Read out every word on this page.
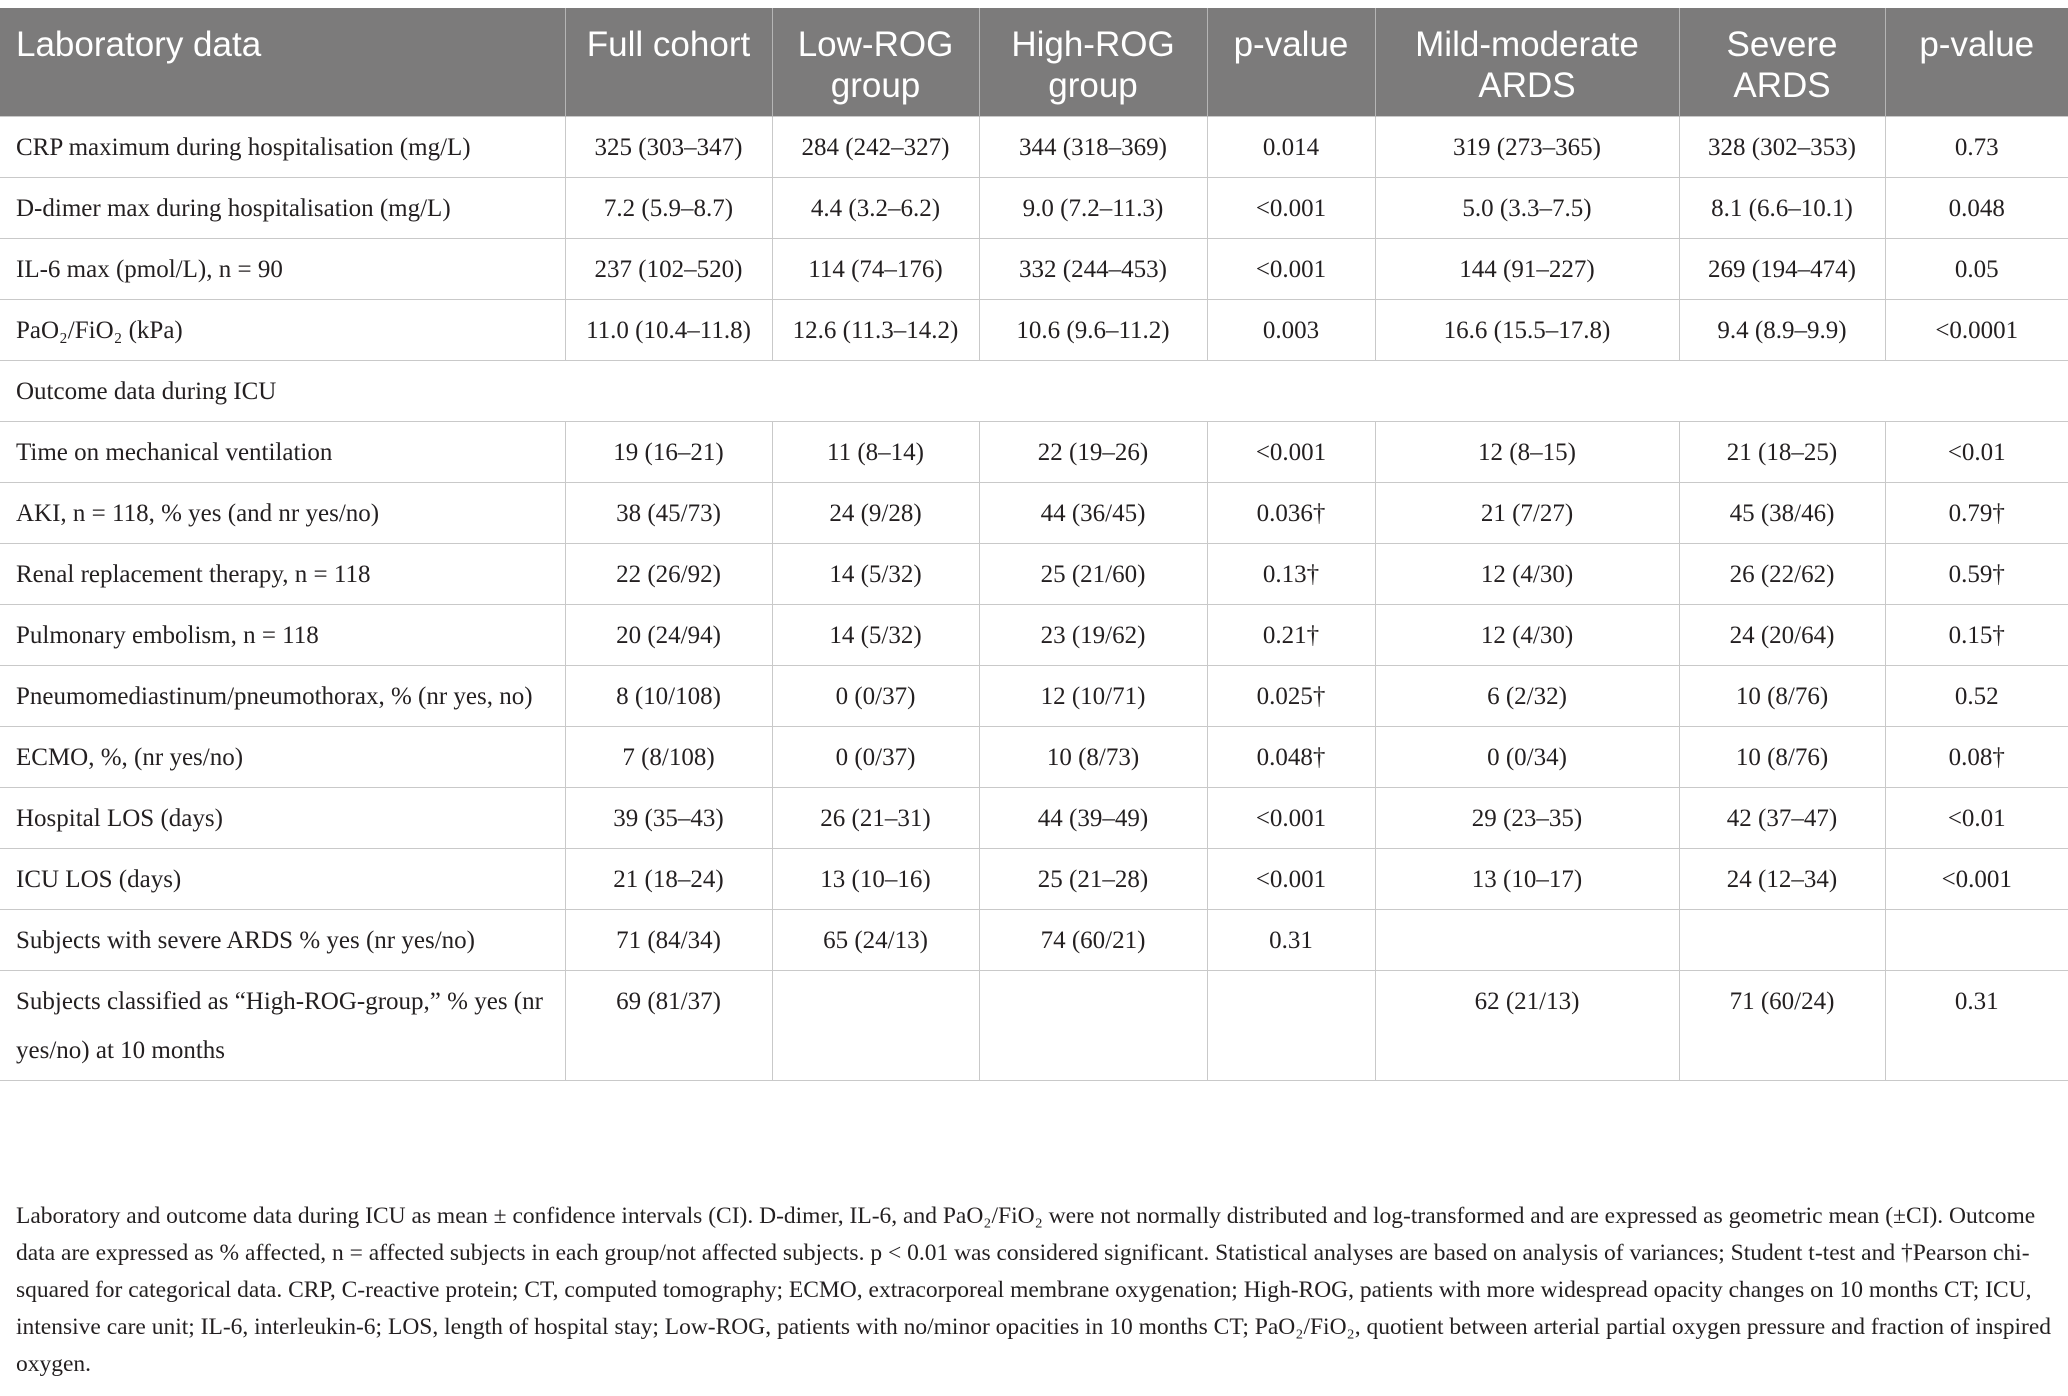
Laboratory data	Full cohort	Low-ROG group	High-ROG group	p-value	Mild-moderate ARDS	Severe ARDS	p-value
CRP maximum during hospitalisation (mg/L)	325 (303–347)	284 (242–327)	344 (318–369)	0.014	319 (273–365)	328 (302–353)	0.73
D-dimer max during hospitalisation (mg/L)	7.2 (5.9–8.7)	4.4 (3.2–6.2)	9.0 (7.2–11.3)	<0.001	5.0 (3.3–7.5)	8.1 (6.6–10.1)	0.048
IL-6 max (pmol/L), n = 90	237 (102–520)	114 (74–176)	332 (244–453)	<0.001	144 (91–227)	269 (194–474)	0.05
PaO₂/FiO₂ (kPa)	11.0 (10.4–11.8)	12.6 (11.3–14.2)	10.6 (9.6–11.2)	0.003	16.6 (15.5–17.8)	9.4 (8.9–9.9)	<0.0001
Outcome data during ICU							
Time on mechanical ventilation	19 (16–21)	11 (8–14)	22 (19–26)	<0.001	12 (8–15)	21 (18–25)	<0.01
AKI, n = 118, % yes (and nr yes/no)	38 (45/73)	24 (9/28)	44 (36/45)	0.036†	21 (7/27)	45 (38/46)	0.79†
Renal replacement therapy, n = 118	22 (26/92)	14 (5/32)	25 (21/60)	0.13†	12 (4/30)	26 (22/62)	0.59†
Pulmonary embolism, n = 118	20 (24/94)	14 (5/32)	23 (19/62)	0.21†	12 (4/30)	24 (20/64)	0.15†
Pneumomediastinum/pneumothorax, % (nr yes, no)	8 (10/108)	0 (0/37)	12 (10/71)	0.025†	6 (2/32)	10 (8/76)	0.52
ECMO, %, (nr yes/no)	7 (8/108)	0 (0/37)	10 (8/73)	0.048†	0 (0/34)	10 (8/76)	0.08†
Hospital LOS (days)	39 (35–43)	26 (21–31)	44 (39–49)	<0.001	29 (23–35)	42 (37–47)	<0.01
ICU LOS (days)	21 (18–24)	13 (10–16)	25 (21–28)	<0.001	13 (10–17)	24 (12–34)	<0.001
Subjects with severe ARDS % yes (nr yes/no)	71 (84/34)	65 (24/13)	74 (60/21)	0.31			
Subjects classified as “High-ROG-group,” % yes (nr yes/no) at 10 months	69 (81/37)				62 (21/13)	71 (60/24)	0.31
Laboratory and outcome data during ICU as mean ± confidence intervals (CI). D-dimer, IL-6, and PaO₂/FiO₂ were not normally distributed and log-transformed and are expressed as geometric mean (±CI). Outcome data are expressed as % affected, n = affected subjects in each group/not affected subjects. p < 0.01 was considered significant. Statistical analyses are based on analysis of variances; Student t-test and †Pearson chi-squared for categorical data. CRP, C-reactive protein; CT, computed tomography; ECMO, extracorporeal membrane oxygenation; High-ROG, patients with more widespread opacity changes on 10 months CT; ICU, intensive care unit; IL-6, interleukin-6; LOS, length of hospital stay; Low-ROG, patients with no/minor opacities in 10 months CT; PaO₂/FiO₂, quotient between arterial partial oxygen pressure and fraction of inspired oxygen.
